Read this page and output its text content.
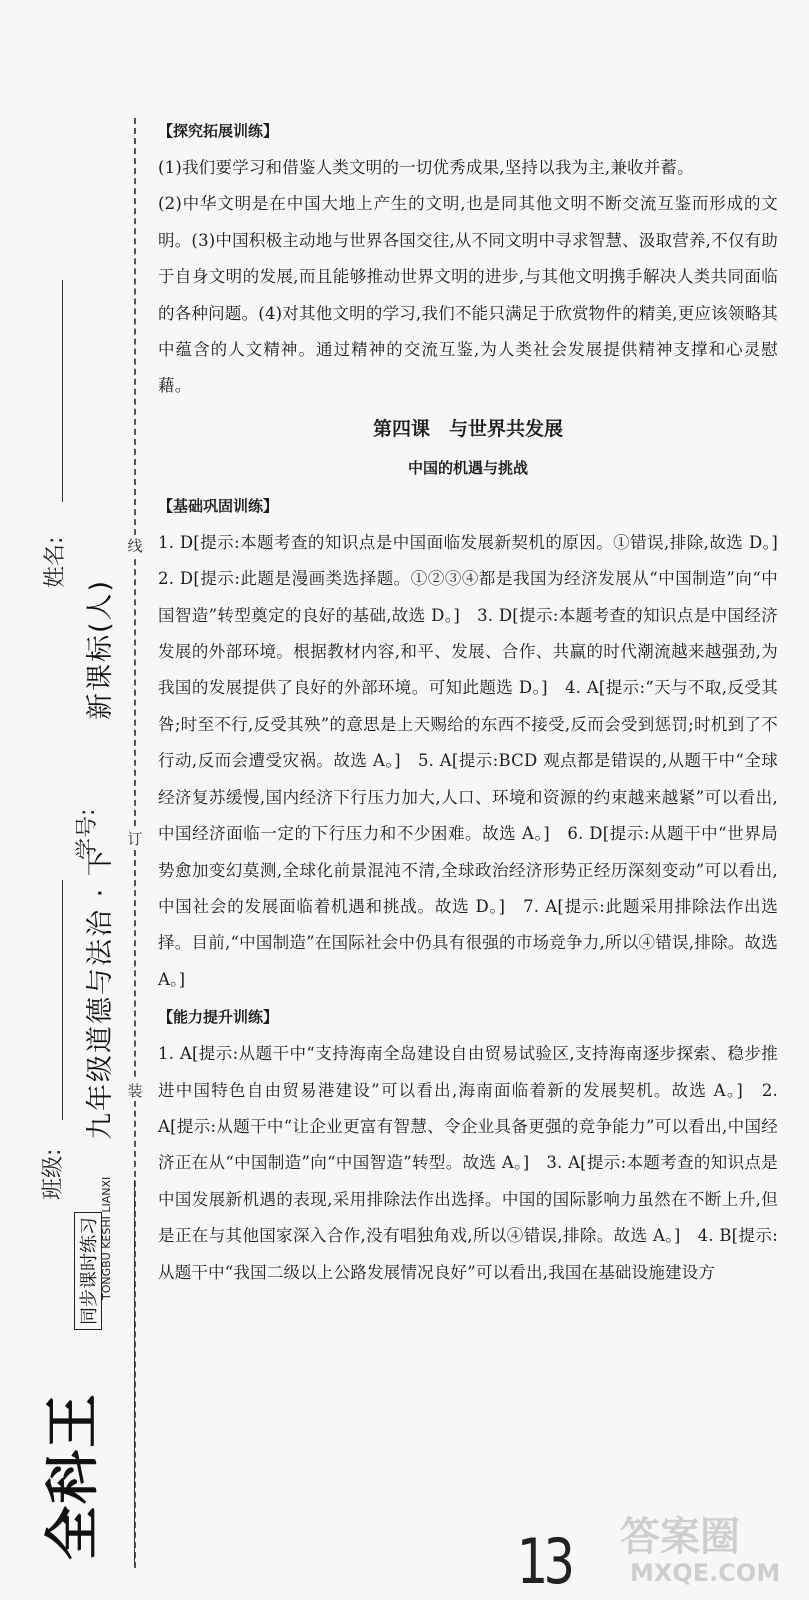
线
订
装
姓名:
学号:
班级:
九年级道德与法治 · 下
新课标(人)
全科王
同步课时练习 TONGBU KESHI LIANXI

【探究拓展训练】

(1)我们要学习和借鉴人类文明的一切优秀成果,坚持以我为主,兼收并蓄。

(2)中华文明是在中国大地上产生的文明,也是同其他文明不断交流互鉴而形成的文明。(3)中国积极主动地与世界各国交往,从不同文明中寻求智慧、汲取营养,不仅有助于自身文明的发展,而且能够推动世界文明的进步,与其他文明携手解决人类共同面临的各种问题。(4)对其他文明的学习,我们不能只满足于欣赏物件的精美,更应该领略其中蕴含的人文精神。通过精神的交流互鉴,为人类社会发展提供精神支撑和心灵慰藉。

第四课　与世界共发展

中国的机遇与挑战

【基础巩固训练】

1. D[提示:本题考查的知识点是中国面临发展新契机的原因。①错误,排除,故选 D。]　2. D[提示:此题是漫画类选择题。①②③④都是我国为经济发展从“中国制造”向“中国智造”转型奠定的良好的基础,故选 D。]　3. D[提示:本题考查的知识点是中国经济发展的外部环境。根据教材内容,和平、发展、合作、共赢的时代潮流越来越强劲,为我国的发展提供了良好的外部环境。可知此题选 D。]　4. A[提示:“天与不取,反受其咎;时至不行,反受其殃”的意思是上天赐给的东西不接受,反而会受到惩罚;时机到了不行动,反而会遭受灾祸。故选 A。]　5. A[提示:BCD 观点都是错误的,从题干中“全球经济复苏缓慢,国内经济下行压力加大,人口、环境和资源的约束越来越紧”可以看出,中国经济面临一定的下行压力和不少困难。故选 A。]　6. D[提示:从题干中“世界局势愈加变幻莫测,全球化前景混沌不清,全球政治经济形势正经历深刻变动”可以看出,中国社会的发展面临着机遇和挑战。故选 D。]　7. A[提示:此题采用排除法作出选择。目前,“中国制造”在国际社会中仍具有很强的市场竞争力,所以④错误,排除。故选 A。]

【能力提升训练】

1. A[提示:从题干中“支持海南全岛建设自由贸易试验区,支持海南逐步探索、稳步推进中国特色自由贸易港建设”可以看出,海南面临着新的发展契机。故选 A。]　2. A[提示:从题干中“让企业更富有智慧、令企业具备更强的竞争能力”可以看出,中国经济正在从“中国制造”向“中国智造”转型。故选 A。]　3. A[提示:本题考查的知识点是中国发展新机遇的表现,采用排除法作出选择。中国的国际影响力虽然在不断上升,但是正在与其他国家深入合作,没有唱独角戏,所以④错误,排除。故选 A。]　4. B[提示:从题干中“我国二级以上公路发展情况良好”可以看出,我国在基础设施建设方

13 答案圈
MXQE.COM
